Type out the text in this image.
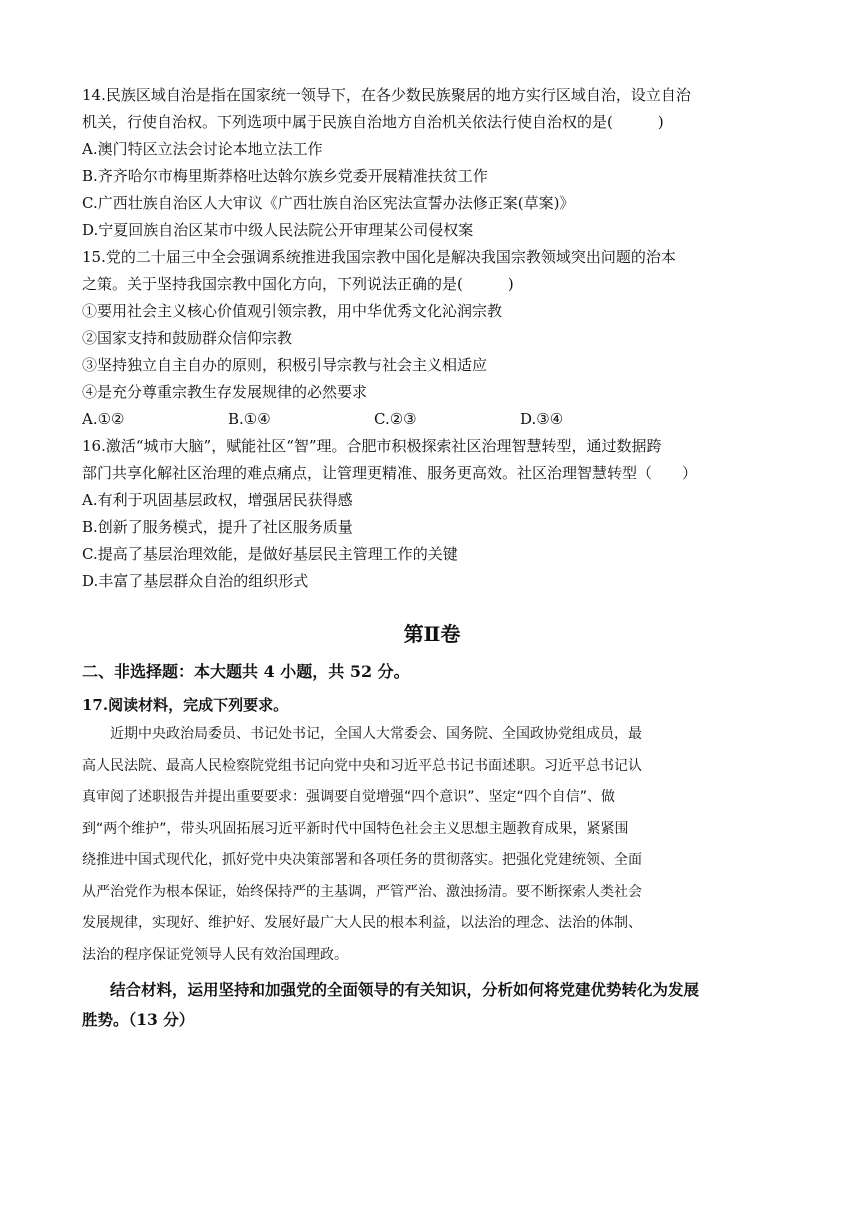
14.民族区域自治是指在国家统一领导下，在各少数民族聚居的地方实行区域自治，设立自治
机关，行使自治权。下列选项中属于民族自治地方自治机关依法行使自治权的是(　　　)
A.澳门特区立法会讨论本地立法工作
B.齐齐哈尔市梅里斯莽格吐达斡尔族乡党委开展精准扶贫工作
C.广西壮族自治区人大审议《广西壮族自治区宪法宣誓办法修正案(草案)》
D.宁夏回族自治区某市中级人民法院公开审理某公司侵权案
15.党的二十届三中全会强调系统推进我国宗教中国化是解决我国宗教领域突出问题的治本
之策。关于坚持我国宗教中国化方向，下列说法正确的是(　　　)
①要用社会主义核心价值观引领宗教，用中华优秀文化沁润宗教
②国家支持和鼓励群众信仰宗教
③坚持独立自主自办的原则，积极引导宗教与社会主义相适应
④是充分尊重宗教生存发展规律的必然要求
A.①②	B.①④	C.②③	D.③④
16.激活“城市大脑”，赋能社区“智”理。合肥市积极探索社区治理智慧转型，通过数据跨
部门共享化解社区治理的难点痛点，让管理更精准、服务更高效。社区治理智慧转型（　　）
A.有利于巩固基层政权，增强居民获得感
B.创新了服务模式，提升了社区服务质量
C.提高了基层治理效能，是做好基层民主管理工作的关键
D.丰富了基层群众自治的组织形式
第Ⅱ卷
二、非选择题：本大题共 4 小题，共 52 分。
17.阅读材料，完成下列要求。
近期中央政治局委员、书记处书记，全国人大常委会、国务院、全国政协党组成员，最
高人民法院、最高人民检察院党组书记向党中央和习近平总书记书面述职。习近平总书记认
真审阅了述职报告并提出重要要求：强调要自觉增强“四个意识”、坚定“四个自信”、做
到“两个维护”，带头巩固拓展习近平新时代中国特色社会主义思想主题教育成果，紧紧围
绕推进中国式现代化，抓好党中央决策部署和各项任务的贯彻落实。把强化党建统领、全面
从严治党作为根本保证，始终保持严的主基调，严管严治、激浊扬清。要不断探索人类社会
发展规律，实现好、维护好、发展好最广大人民的根本利益，以法治的理念、法治的体制、
法治的程序保证党领导人民有效治国理政。
结合材料，运用坚持和加强党的全面领导的有关知识，分析如何将党建优势转化为发展
胜势。（13 分）
